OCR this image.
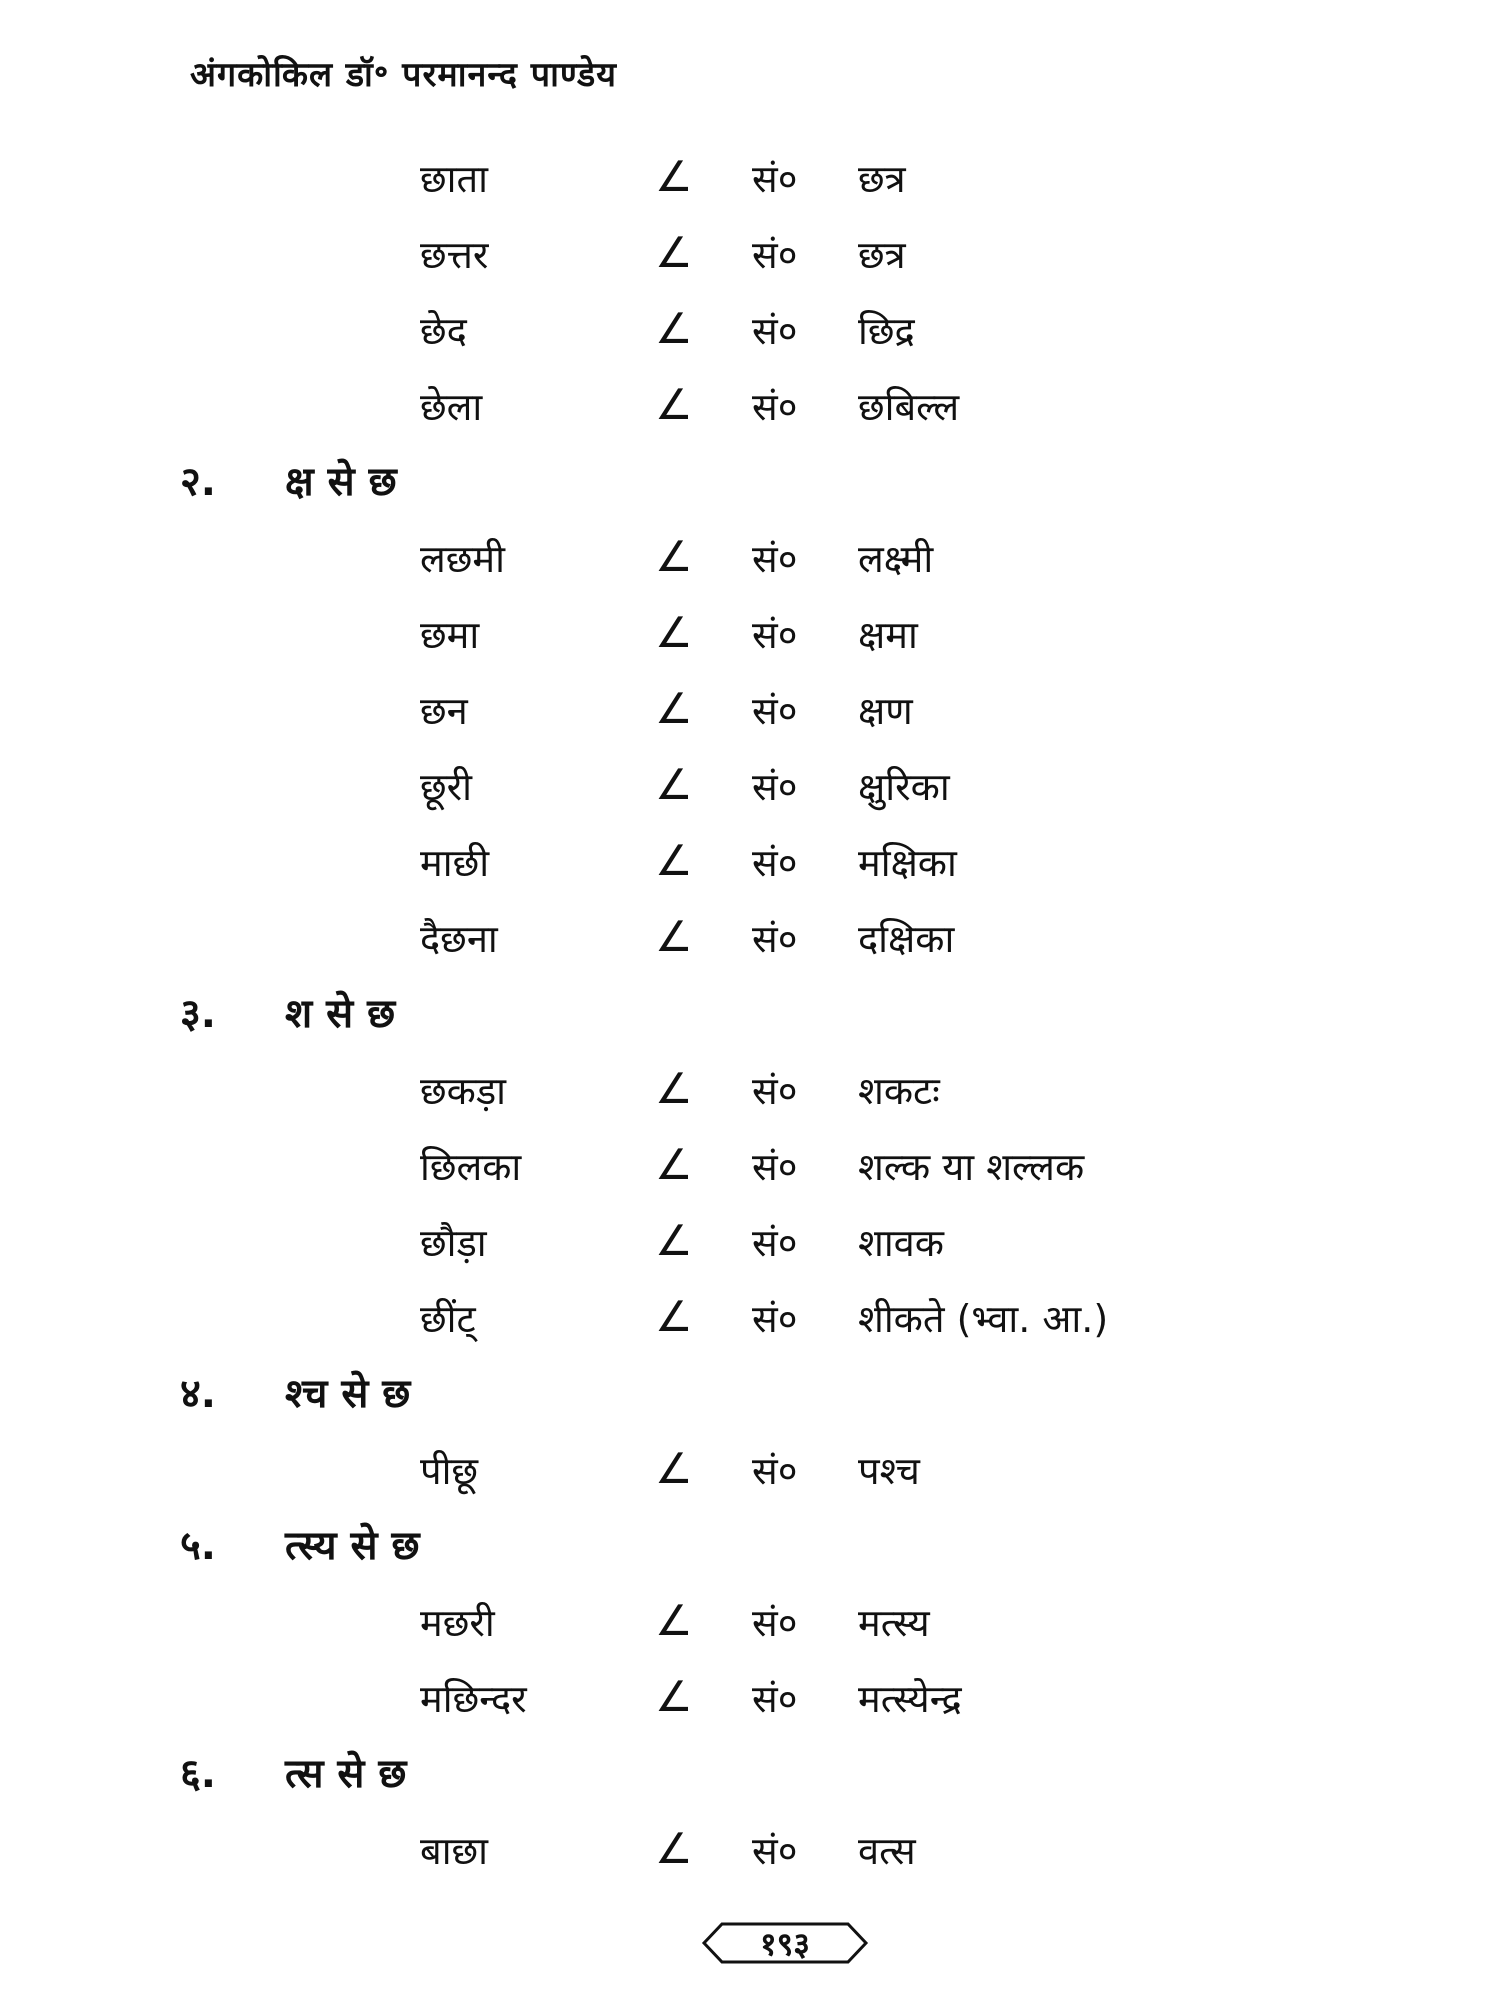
अंगकोकिल डॉ॰ परमानन्द पाण्डेय
छाता	∠ सं० छत्र
छत्तर	∠ सं० छत्र
छेद	∠ सं० छिद्र
छेला	∠ सं० छबिल्ल
२. क्ष से छ
लछमी	∠ सं० लक्ष्मी
छमा	∠ सं० क्षमा
छन	∠ सं० क्षण
छूरी	∠ सं० क्षुरिका
माछी	∠ सं० मक्षिका
दैछना	∠ सं० दक्षिका
३. श से छ
छकड़ा	∠ सं० शकटः
छिलका	∠ सं० शल्क या शल्लक
छौड़ा	∠ सं० शावक
छींट्	∠ सं० शीकते (भ्वा. आ.)
४. श्च से छ
पीछू	∠ सं० पश्च
५. त्स्य से छ
मछरी	∠ सं० मत्स्य
मछिन्दर	∠ सं० मत्स्येन्द्र
६. त्स से छ
बाछा	∠ सं० वत्स
१९३
